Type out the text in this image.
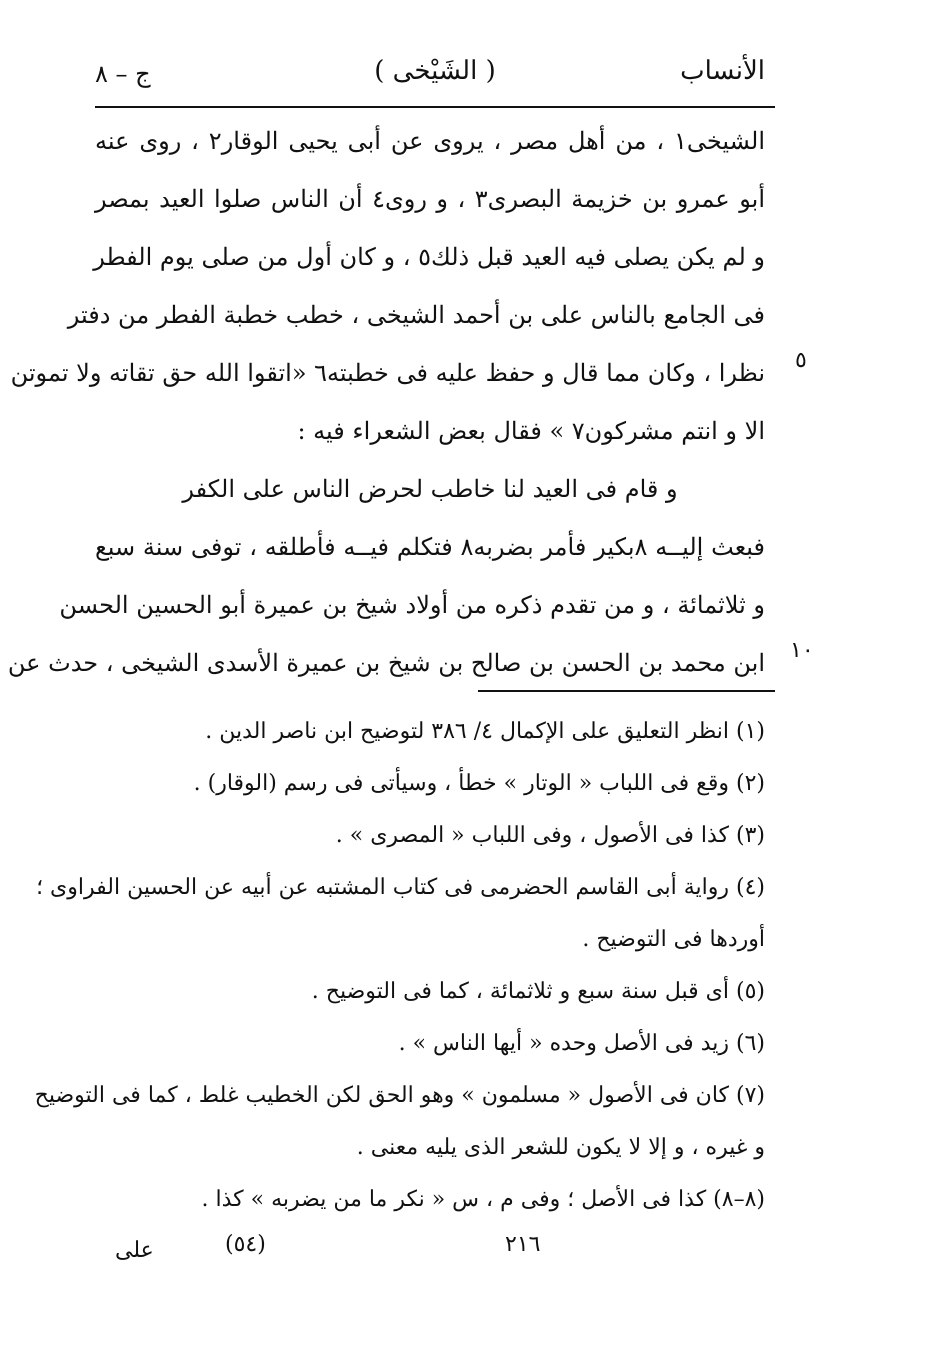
الأنساب
( الشَيْخى )
ج – ٨
الشيخى١ ، من أهل مصر ، يروى عن أبى يحيى الوقار٢ ، روى عنه
أبو عمرو بن خزيمة البصرى٣ ، و روى٤ أن الناس صلوا العيد بمصر
و لم يكن يصلى فيه العيد قبل ذلك٥ ، و كان أول من صلى يوم الفطر
فى الجامع بالناس على بن أحمد الشيخى ، خطب خطبة الفطر من دفتر
نظرا ، وكان مما قال و حفظ عليه فى خطبته٦ «اتقوا الله حق تقاته ولا تموتن
الا و انتم مشركون٧ » فقال بعض الشعراء فيه :
و قام فى العيد لنا خاطب لحرض الناس على الكفر
فبعث إليــه ٨بكير فأمر بضربه٨ فتكلم فيــه فأطلقه ، توفى سنة سبع
و ثلاثمائة ، و من تقدم ذكره من أولاد شيخ بن عميرة أبو الحسين الحسن
ابن محمد بن الحسن بن صالح بن شيخ بن عميرة الأسدى الشيخى ، حدث عن
٥
١٠
(١) انظر التعليق على الإكمال ٤/ ٣٨٦ لتوضيح ابن ناصر الدين .
(٢) وقع فى اللباب « الوتار » خطأ ، وسيأتى فى رسم (الوقار) .
(٣) كذا فى الأصول ، وفى اللباب « المصرى » .
(٤) رواية أبى القاسم الحضرمى فى كتاب المشتبه عن أبيه عن الحسين الفراوى ؛
أوردها فى التوضيح .
(٥) أى قبل سنة سبع و ثلاثمائة ، كما فى التوضيح .
(٦) زيد فى الأصل وحده « أيها الناس » .
(٧) كان فى الأصول « مسلمون » وهو الحق لكن الخطيب غلط ، كما فى التوضيح
و غيره ، و إلا لا يكون للشعر الذى يليه معنى .
(٨–٨) كذا فى الأصل ؛ وفى م ، س « نكر ما من يضربه » كذا .
٢١٦
(٥٤)
على
